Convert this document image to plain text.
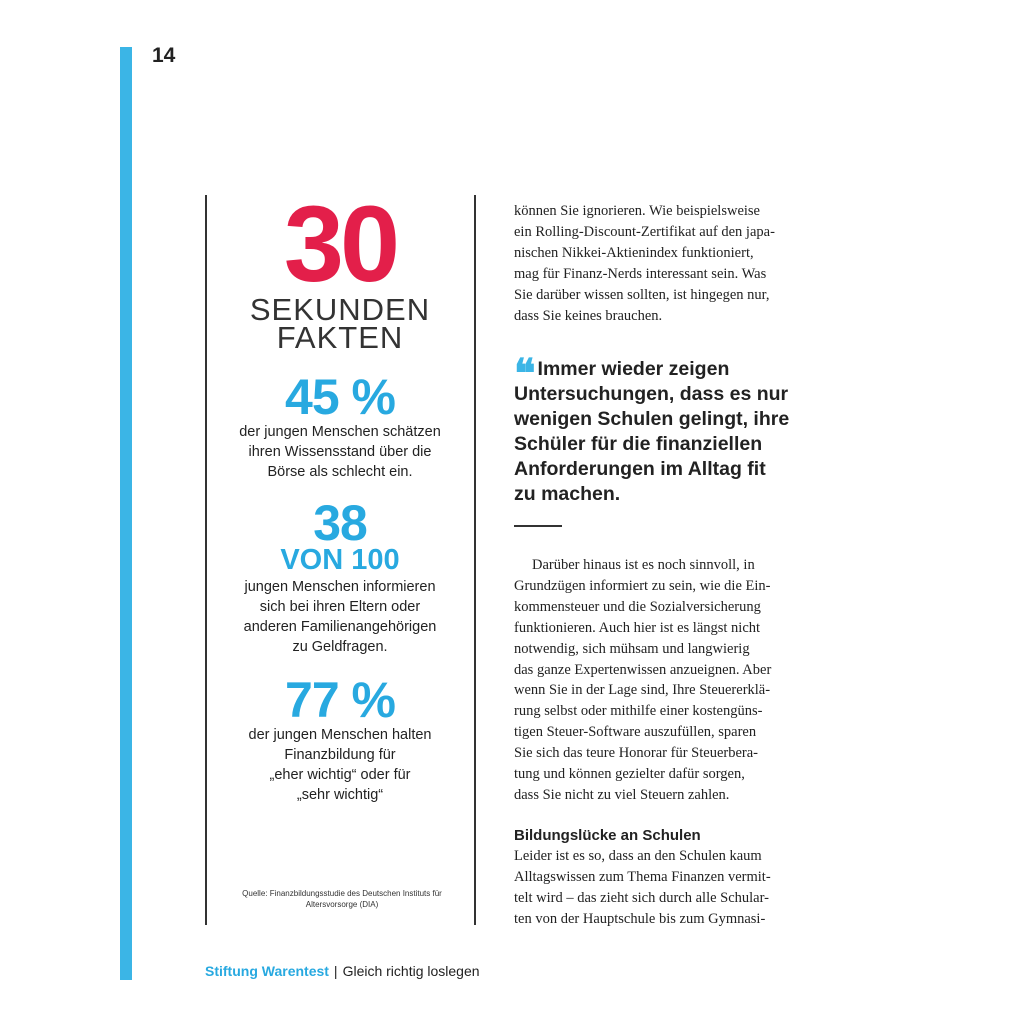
14
30
SEKUNDEN
FAKTEN
45 %
der jungen Menschen schätzen
ihren Wissensstand über die
Börse als schlecht ein.
38
VON 100
jungen Menschen informieren
sich bei ihren Eltern oder
anderen Familienangehörigen
zu Geldfragen.
77 %
der jungen Menschen halten
Finanzbildung für
„eher wichtig“ oder für
„sehr wichtig“
Quelle: Finanzbildungsstudie des Deutschen Instituts für
Altersvorsorge (DIA)
können Sie ignorieren. Wie beispielsweise
ein Rolling-Discount-Zertifikat auf den japa-
nischen Nikkei-Aktienindex funktioniert,
mag für Finanz-Nerds interessant sein. Was
Sie darüber wissen sollten, ist hingegen nur,
dass Sie keines brauchen.
❝ Immer wieder zeigen
Untersuchungen, dass es nur
wenigen Schulen gelingt, ihre
Schüler für die finanziellen
Anforderungen im Alltag fit
zu machen.
Darüber hinaus ist es noch sinnvoll, in
Grundzügen informiert zu sein, wie die Ein-
kommensteuer und die Sozialversicherung
funktionieren. Auch hier ist es längst nicht
notwendig, sich mühsam und langwierig
das ganze Expertenwissen anzueignen. Aber
wenn Sie in der Lage sind, Ihre Steuererklä-
rung selbst oder mithilfe einer kostengüns-
tigen Steuer-Software auszufüllen, sparen
Sie sich das teure Honorar für Steuerbera-
tung und können gezielter dafür sorgen,
dass Sie nicht zu viel Steuern zahlen.
Bildungslücke an Schulen
Leider ist es so, dass an den Schulen kaum
Alltagswissen zum Thema Finanzen vermit-
telt wird – das zieht sich durch alle Schular-
ten von der Hauptschule bis zum Gymnasi-
Stiftung Warentest | Gleich richtig loslegen
